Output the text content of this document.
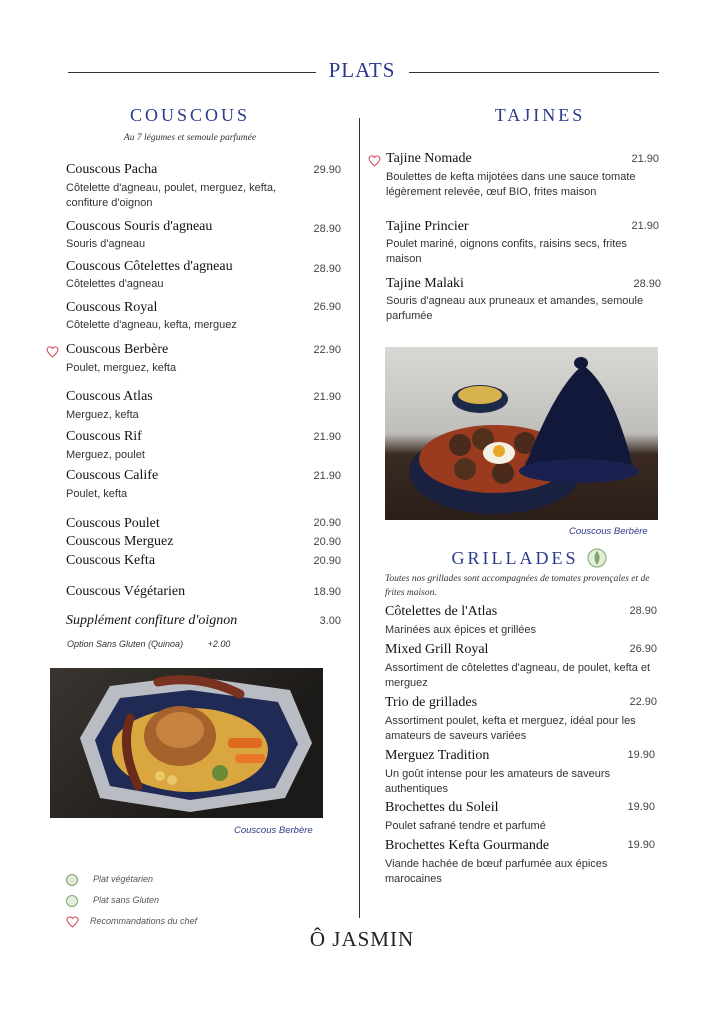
PLATS
COUSCOUS
Au 7 légumes et semoule parfumée
Couscous Pacha	29.90
Côtelette d'agneau, poulet, merguez, kefta, confiture d'oignon
Couscous Souris d'agneau	28.90
Souris d'agneau
Couscous Côtelettes d'agneau	28.90
Côtelettes d'agneau
Couscous Royal	26.90
Côtelette d'agneau, kefta, merguez
Couscous Berbère	22.90
Poulet, merguez, kefta
Couscous Atlas	21.90
Merguez, kefta
Couscous Rif	21.90
Merguez, poulet
Couscous Calife	21.90
Poulet, kefta
Couscous Poulet	20.90
Couscous Merguez	20.90
Couscous Kefta	20.90
Couscous Végétarien	18.90
Supplément confiture d'oignon	3.00
Option Sans Gluten (Quinoa)	+2.00
Couscous Berbère
Plat végétarien
Plat sans Gluten
Recommandations du chef
TAJINES
Tajine Nomade	21.90
Boulettes de kefta mijotées dans une sauce tomate légèrement relevée, œuf BIO, frites maison
Tajine Princier	21.90
Poulet mariné, oignons confits, raisins secs, frites maison
Tajine Malaki	28.90
Souris d'agneau aux pruneaux et amandes, semoule parfumée
Couscous Berbère
GRILLADES
Toutes nos grillades sont accompagnées de tomates provençales et de frites maison.
Côtelettes de l'Atlas	28.90
Marinées aux épices et grillées
Mixed Grill Royal	26.90
Assortiment de côtelettes d'agneau, de poulet, kefta et merguez
Trio de grillades	22.90
Assortiment poulet, kefta et merguez, idéal pour les amateurs de saveurs variées
Merguez Tradition	19.90
Un goût intense pour les amateurs de saveurs authentiques
Brochettes du Soleil	19.90
Poulet safrané tendre et parfumé
Brochettes Kefta Gourmande	19.90
Viande hachée de bœuf parfumée aux épices marocaines
Ô JASMIN
